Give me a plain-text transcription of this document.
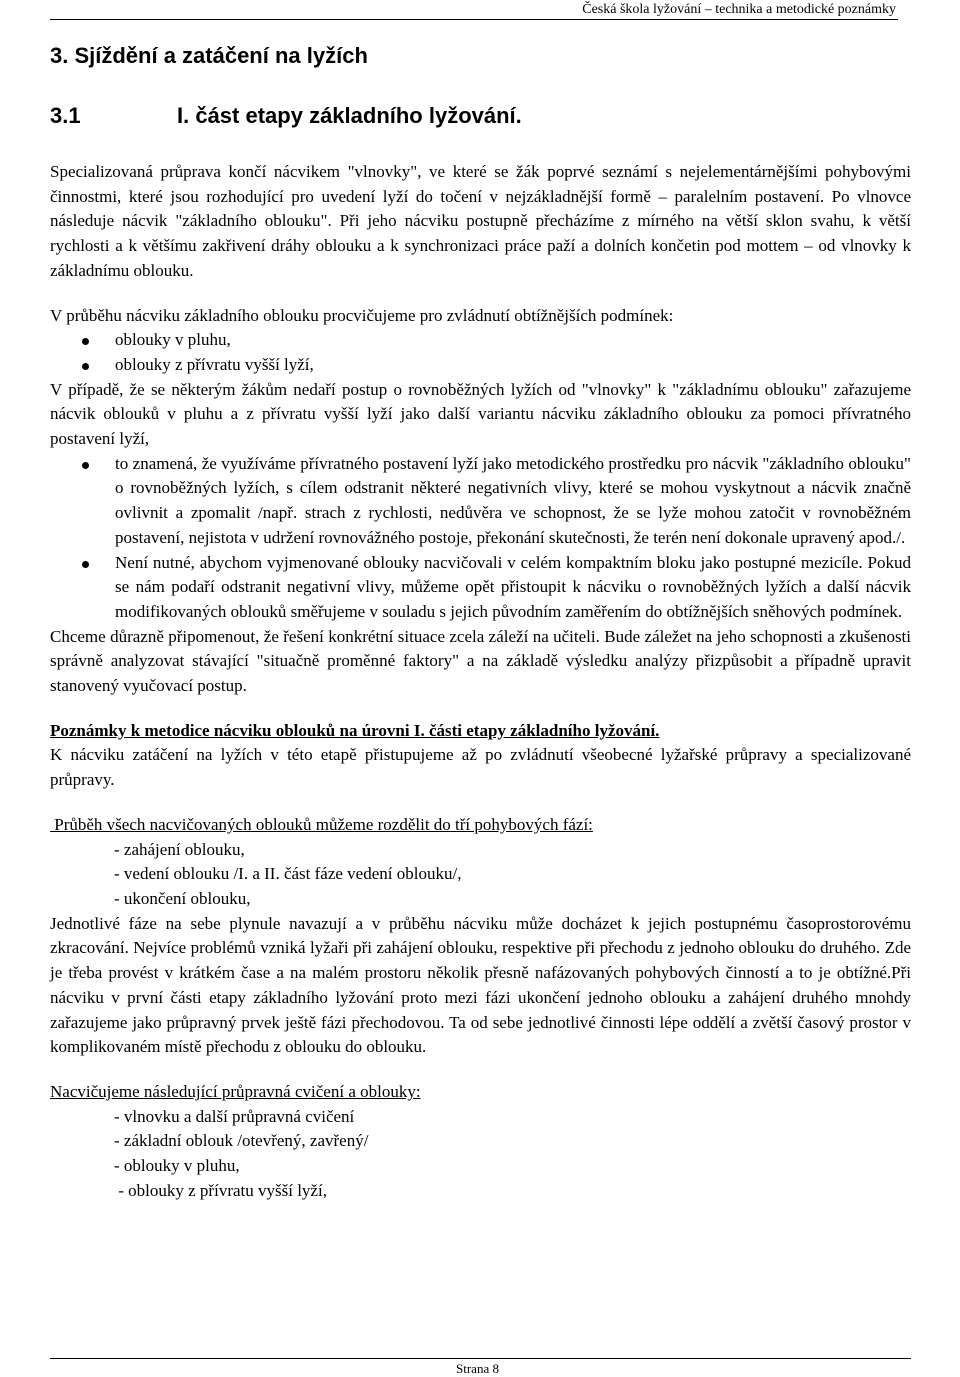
Česká škola lyžování – technika a metodické poznámky
3. Sjíždění a zatáčení na lyžích
3.1	I. část etapy základního lyžování.

Specializovaná průprava končí nácvikem "vlnovky", ve které se žák poprvé seznámí s nejelementárnějšími pohybovými činnostmi, které jsou rozhodující pro uvedení lyží do točení v nejzákladnější formě – paralelním postavení. Po vlnovce následuje nácvik "základního oblouku". Při jeho nácviku postupně přecházíme z mírného na větší sklon svahu, k větší rychlosti a k většímu zakřivení dráhy oblouku a k synchronizaci práce paží a dolních končetin pod mottem – od vlnovky k základnímu oblouku.

V průběhu nácviku základního oblouku procvičujeme pro zvládnutí obtížnějších podmínek:

oblouky v pluhu,
oblouky z přívratu vyšší lyží,

V případě, že se některým žákům nedaří postup o rovnoběžných lyžích od "vlnovky" k "základnímu oblouku" zařazujeme nácvik oblouků v pluhu a z přívratu vyšší lyží jako další variantu nácviku základního oblouku za pomoci přívratného postavení lyží,

to znamená, že využíváme přívratného postavení lyží jako metodického prostředku pro nácvik "základního oblouku" o rovnoběžných lyžích, s cílem odstranit některé negativních vlivy, které se mohou vyskytnout a nácvik značně ovlivnit a zpomalit /např. strach z rychlosti, nedůvěra ve schopnost, že se lyže mohou zatočit v rovnoběžném postavení, nejistota v udržení rovnovážného postoje, překonání skutečnosti, že terén není dokonale upravený apod./.
Není nutné, abychom vyjmenované oblouky nacvičovali v celém kompaktním bloku jako postupné mezicíle. Pokud se nám podaří odstranit negativní vlivy, můžeme opět přistoupit k nácviku o rovnoběžných lyžích a další nácvik modifikovaných oblouků směřujeme v souladu s jejich původním zaměřením do obtížnějších sněhových podmínek.

Chceme důrazně připomenout, že řešení konkrétní situace zcela záleží na učiteli. Bude záležet na jeho schopnosti a zkušenosti správně analyzovat stávající "situačně proměnné faktory" a na základě výsledku analýzy přizpůsobit a případně upravit stanovený vyučovací postup.

Poznámky k metodice nácviku oblouků na úrovni I. části etapy základního lyžování.

K nácviku zatáčení na lyžích v této etapě přistupujeme až po zvládnutí všeobecné lyžařské průpravy a specializované průpravy.

Průběh všech nacvičovaných oblouků můžeme rozdělit do tří pohybových fází:

- zahájení oblouku,
- vedení oblouku /I. a II. část fáze vedení oblouku/,
- ukončení oblouku,

Jednotlivé fáze na sebe plynule navazují a v průběhu nácviku může docházet k jejich postupnému časoprostorovému zkracování. Nejvíce problémů vzniká lyžaři při zahájení oblouku, respektive při přechodu z jednoho oblouku do druhého. Zde je třeba provést v krátkém čase a na malém prostoru několik přesně nafázovaných pohybových činností a to je obtížné.Při nácviku v první části etapy základního lyžování proto mezi fázi ukončení jednoho oblouku a zahájení druhého mnohdy zařazujeme jako průpravný prvek ještě fázi přechodovou. Ta od sebe jednotlivé činnosti lépe oddělí a zvětší časový prostor v komplikovaném místě přechodu z oblouku do oblouku.

Nacvičujeme následující průpravná cvičení a oblouky:

- vlnovku a další průpravná cvičení
- základní oblouk /otevřený, zavřený/
- oblouky v pluhu,
- oblouky z přívratu vyšší lyží,
Strana 8
